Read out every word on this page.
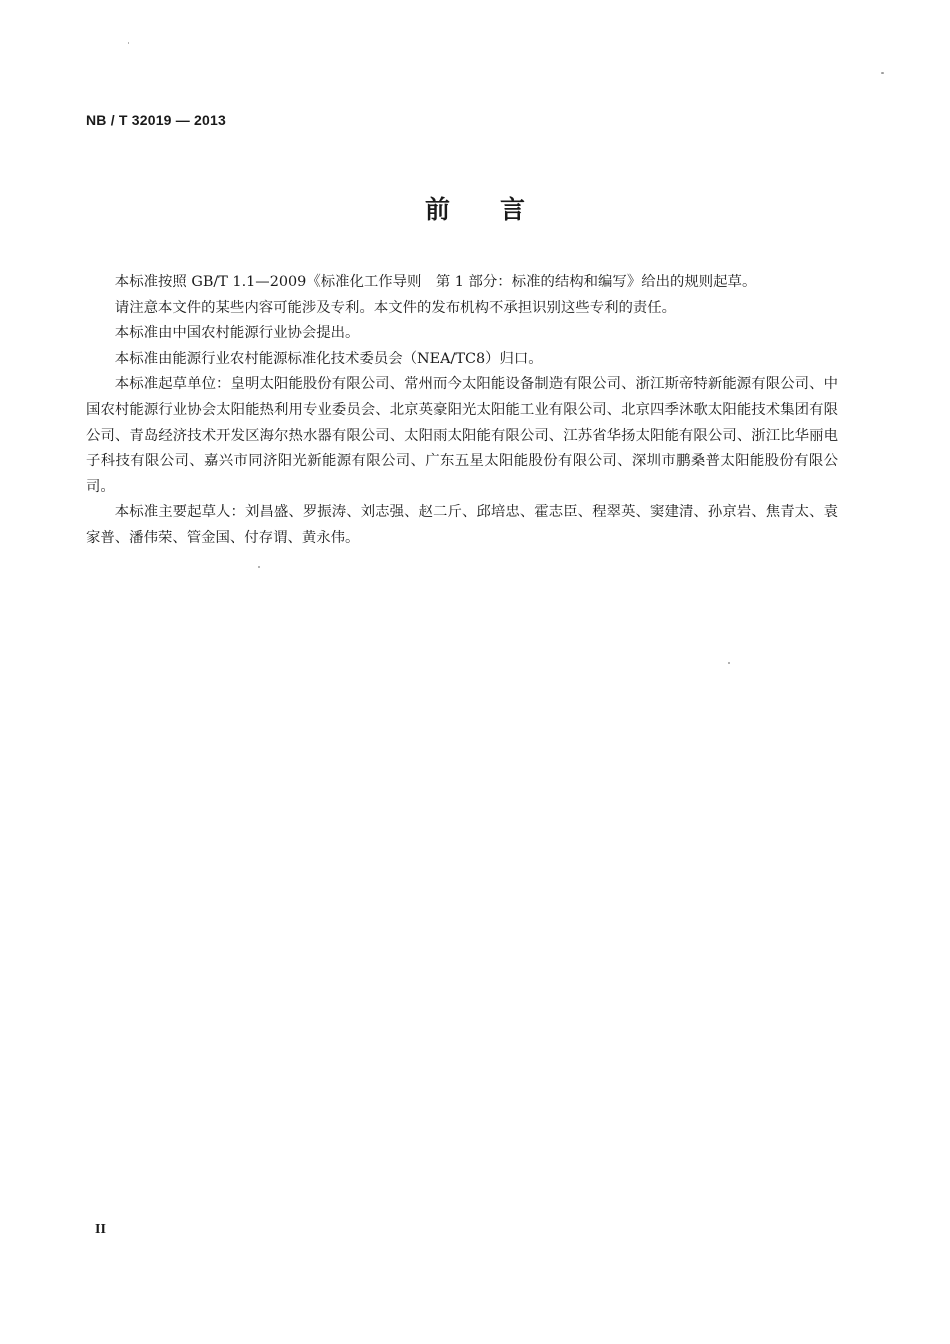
NB / T 32019 — 2013
前言

本标准按照 GB/T 1.1—2009《标准化工作导则　第 1 部分：标准的结构和编写》给出的规则起草。

请注意本文件的某些内容可能涉及专利。本文件的发布机构不承担识别这些专利的责任。

本标准由中国农村能源行业协会提出。

本标准由能源行业农村能源标准化技术委员会（NEA/TC8）归口。

本标准起草单位：皇明太阳能股份有限公司、常州而今太阳能设备制造有限公司、浙江斯帝特新能源有限公司、中国农村能源行业协会太阳能热利用专业委员会、北京英豪阳光太阳能工业有限公司、北京四季沐歌太阳能技术集团有限公司、青岛经济技术开发区海尔热水器有限公司、太阳雨太阳能有限公司、江苏省华扬太阳能有限公司、浙江比华丽电子科技有限公司、嘉兴市同济阳光新能源有限公司、广东五星太阳能股份有限公司、深圳市鹏桑普太阳能股份有限公司。

本标准主要起草人：刘昌盛、罗振涛、刘志强、赵二斤、邱培忠、霍志臣、程翠英、窦建清、孙京岩、焦青太、袁家普、潘伟荣、管金国、付存谓、黄永伟。

II
